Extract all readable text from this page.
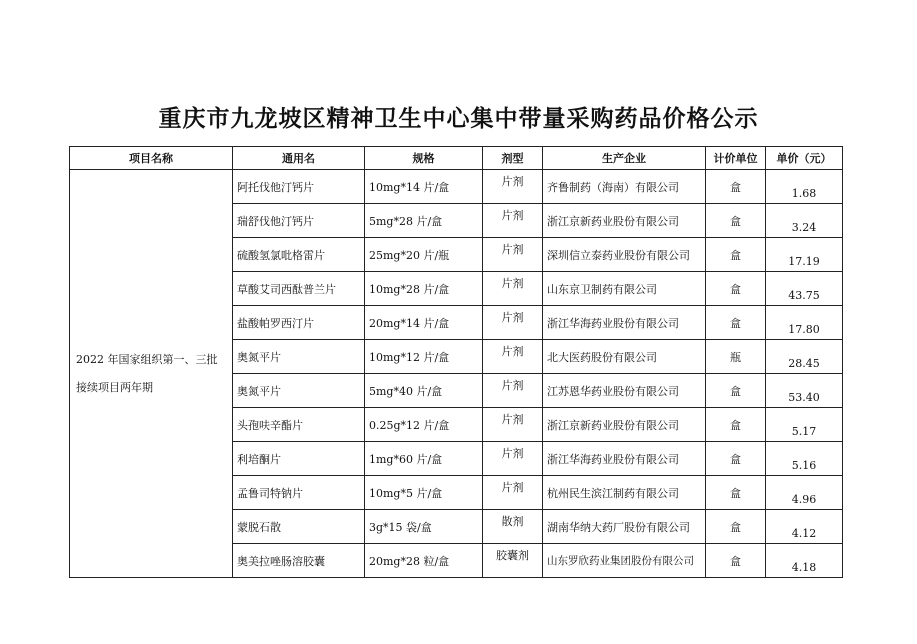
重庆市九龙坡区精神卫生中心集中带量采购药品价格公示
项目名称	通用名	规格	剂型	生产企业	计价单位	单价（元）
2022 年国家组织第一、三批接续项目两年期	阿托伐他汀钙片	10mg*14 片/盒	片剂	齐鲁制药（海南）有限公司	盒	1.68
	瑞舒伐他汀钙片	5mg*28 片/盒	片剂	浙江京新药业股份有限公司	盒	3.24
	硫酸氢氯吡格雷片	25mg*20 片/瓶	片剂	深圳信立泰药业股份有限公司	盒	17.19
	草酸艾司西酞普兰片	10mg*28 片/盒	片剂	山东京卫制药有限公司	盒	43.75
	盐酸帕罗西汀片	20mg*14 片/盒	片剂	浙江华海药业股份有限公司	盒	17.80
	奥氮平片	10mg*12 片/盒	片剂	北大医药股份有限公司	瓶	28.45
	奥氮平片	5mg*40 片/盒	片剂	江苏恩华药业股份有限公司	盒	53.40
	头孢呋辛酯片	0.25g*12 片/盒	片剂	浙江京新药业股份有限公司	盒	5.17
	利培酮片	1mg*60 片/盒	片剂	浙江华海药业股份有限公司	盒	5.16
	孟鲁司特钠片	10mg*5 片/盒	片剂	杭州民生滨江制药有限公司	盒	4.96
	蒙脱石散	3g*15 袋/盒	散剂	湖南华纳大药厂股份有限公司	盒	4.12
	奥美拉唑肠溶胶囊	20mg*28 粒/盒	胶囊剂	山东罗欣药业集团股份有限公司	盒	4.18
